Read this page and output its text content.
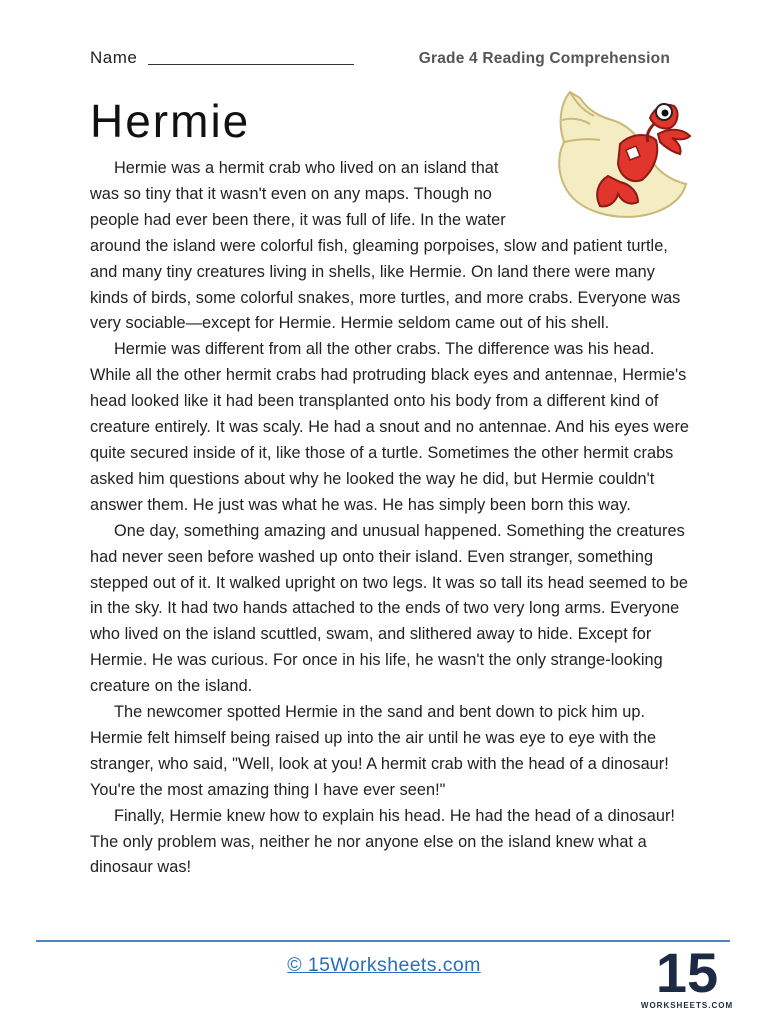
Name	Grade 4 Reading Comprehension
Hermie

Hermie was a hermit crab who lived on an island that was so tiny that it wasn't even on any maps. Though no people had ever been there, it was full of life. In the water around the island were colorful fish, gleaming porpoises, slow and patient turtle, and many tiny creatures living in shells, like Hermie. On land there were many kinds of birds, some colorful snakes, more turtles, and more crabs. Everyone was very sociable—except for Hermie. Hermie seldom came out of his shell.

Hermie was different from all the other crabs. The difference was his head. While all the other hermit crabs had protruding black eyes and antennae, Hermie's head looked like it had been transplanted onto his body from a different kind of creature entirely. It was scaly. He had a snout and no antennae. And his eyes were quite secured inside of it, like those of a turtle. Sometimes the other hermit crabs asked him questions about why he looked the way he did, but Hermie couldn't answer them. He just was what he was. He has simply been born this way.

One day, something amazing and unusual happened. Something the creatures had never seen before washed up onto their island. Even stranger, something stepped out of it. It walked upright on two legs. It was so tall its head seemed to be in the sky. It had two hands attached to the ends of two very long arms. Everyone who lived on the island scuttled, swam, and slithered away to hide. Except for Hermie. He was curious. For once in his life, he wasn't the only strange-looking creature on the island.

The newcomer spotted Hermie in the sand and bent down to pick him up. Hermie felt himself being raised up into the air until he was eye to eye with the stranger, who said, "Well, look at you! A hermit crab with the head of a dinosaur! You're the most amazing thing I have ever seen!"

Finally, Hermie knew how to explain his head. He had the head of a dinosaur! The only problem was, neither he nor anyone else on the island knew what a dinosaur was!

© 15Worksheets.com	15
WORKSHEETS.COM
